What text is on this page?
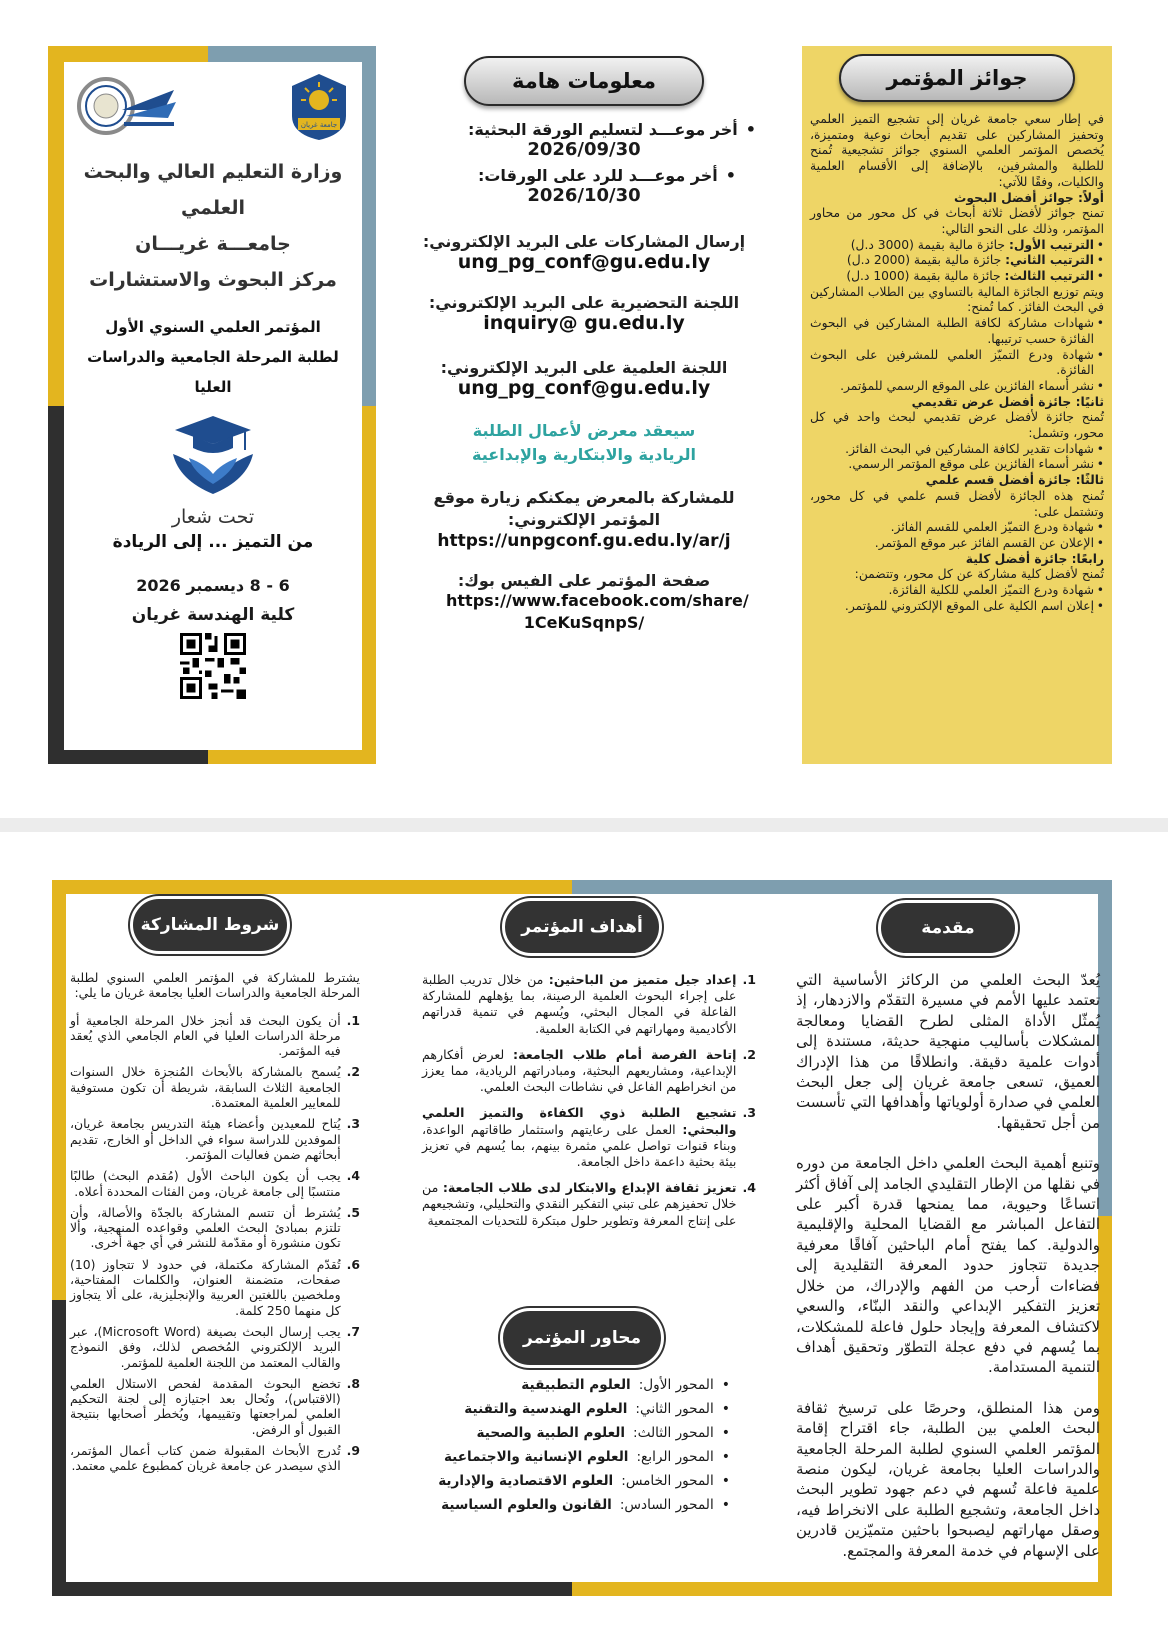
جامعة غريان
وزارة التعليم العالي والبحث العلمي
جامعـــة غريـــان
مركز البحوث والاستشارات
المؤتمر العلمي السنوي الأول
لطلبة المرحلة الجامعية والدراسات العليا
تحت شعار
من التميز ... إلى الريادة
6 - 8 ديسمبر 2026
كلية الهندسة غريان
معلومات هامة
•
أخر موعـــد لتسليم الورقة البحثية:
2026/09/30
•
أخر موعـــد للرد على الورقات:
2026/10/30
إرسال المشاركات على البريد الإلكتروني:
ung_pg_conf@gu.edu.ly
اللجنة التحضيرية على البريد الإلكتروني:
inquiry@ gu.edu.ly
اللجنة العلمية على البريد الإلكتروني:
ung_pg_conf@gu.edu.ly
سيعقد معرض لأعمال الطلبة الريادية والابتكارية والإبداعية
للمشاركة بالمعرض يمكنكم زيارة موقع المؤتمر الإلكتروني:
https://unpgconf.gu.edu.ly/ar/j
صفحة المؤتمر على الفيس بوك:
https://www.facebook.com/share/ 1CeKuSqnpS/
جوائز المؤتمر

في إطار سعي جامعة غريان إلى تشجيع التميز العلمي وتحفيز المشاركين على تقديم أبحاث نوعية ومتميزة، يُخصص المؤتمر العلمي السنوي جوائز تشجيعية تُمنح للطلبة والمشرفين، بالإضافة إلى الأقسام العلمية والكليات، وفقًا للآتي:

أولاً: جوائز أفضل البحوث

تمنح جوائز لأفضل ثلاثة أبحاث في كل محور من محاور المؤتمر، وذلك على النحو التالي:

• الترتيب الأول: جائزة مالية بقيمة (3000 د.ل)
• الترتيب الثاني: جائزة مالية بقيمة (2000 د.ل)
• الترتيب الثالث: جائزة مالية بقيمة (1000 د.ل)

ويتم توزيع الجائزة المالية بالتساوي بين الطلاب المشاركين في البحث الفائز. كما تُمنح:

• شهادات مشاركة لكافة الطلبة المشاركين في البحوث الفائزة حسب ترتيبها.
• شهادة ودرع التميّز العلمي للمشرفين على البحوث الفائزة.
• نشر أسماء الفائزين على الموقع الرسمي للمؤتمر.

ثانيًا: جائزة أفضل عرض تقديمي

تُمنح جائزة لأفضل عرض تقديمي لبحث واحد في كل محور، وتشمل:

• شهادات تقدير لكافة المشاركين في البحث الفائز.
• نشر أسماء الفائزين على موقع المؤتمر الرسمي.

ثالثًا: جائزة أفضل قسم علمي

تُمنح هذه الجائزة لأفضل قسم علمي في كل محور، وتشتمل على:

• شهادة ودرع التميّز العلمي للقسم الفائز.
• الإعلان عن القسم الفائز عبر موقع المؤتمر.

رابعًا: جائزة أفضل كلية

تُمنح لأفضل كلية مشاركة عن كل محور، وتتضمن:

• شهادة ودرع التميّز العلمي للكلية الفائزة.
• إعلان اسم الكلية على الموقع الإلكتروني للمؤتمر.
مقدمة

يُعدّ البحث العلمي من الركائز الأساسية التي تعتمد عليها الأمم في مسيرة التقدّم والازدهار، إذ يُمثّل الأداة المثلى لطرح القضايا ومعالجة المشكلات بأساليب منهجية حديثة، مستندة إلى أدوات علمية دقيقة. وانطلاقًا من هذا الإدراك العميق، تسعى جامعة غريان إلى جعل البحث العلمي في صدارة أولوياتها وأهدافها التي تأسست من أجل تحقيقها.

وتنبع أهمية البحث العلمي داخل الجامعة من دوره في نقلها من الإطار التقليدي الجامد إلى آفاق أكثر اتساعًا وحيوية، مما يمنحها قدرة أكبر على التفاعل المباشر مع القضايا المحلية والإقليمية والدولية. كما يفتح أمام الباحثين آفاقًا معرفية جديدة تتجاوز حدود المعرفة التقليدية إلى فضاءات أرحب من الفهم والإدراك، من خلال تعزيز التفكير الإبداعي والنقد البنّاء، والسعي لاكتشاف المعرفة وإيجاد حلول فاعلة للمشكلات، بما يُسهم في دفع عجلة التطوّر وتحقيق أهداف التنمية المستدامة.

ومن هذا المنطلق، وحرصًا على ترسيخ ثقافة البحث العلمي بين الطلبة، جاء اقتراح إقامة المؤتمر العلمي السنوي لطلبة المرحلة الجامعية والدراسات العليا بجامعة غريان، ليكون منصة علمية فاعلة تُسهم في دعم جهود تطوير البحث داخل الجامعة، وتشجيع الطلبة على الانخراط فيه، وصقل مهاراتهم ليصبحوا باحثين متميّزين قادرين على الإسهام في خدمة المعرفة والمجتمع.

أهداف المؤتمر
1.
إعداد جيل متميز من الباحثين: من خلال تدريب الطلبة على إجراء البحوث العلمية الرصينة، بما يؤهلهم للمشاركة الفاعلة في المجال البحثي، ويُسهم في تنمية قدراتهم الأكاديمية ومهاراتهم في الكتابة العلمية.
2.
إتاحة الفرصة أمام طلاب الجامعة: لعرض أفكارهم الإبداعية، ومشاريعهم البحثية، ومبادراتهم الريادية، مما يعزز من انخراطهم الفاعل في نشاطات البحث العلمي.
3.
تشجيع الطلبة ذوي الكفاءة والتميز العلمي والبحثي: العمل على رعايتهم واستثمار طاقاتهم الواعدة، وبناء قنوات تواصل علمي مثمرة بينهم، بما يُسهم في تعزيز بيئة بحثية داعمة داخل الجامعة.
4.
تعزيز ثقافة الإبداع والابتكار لدى طلاب الجامعة: من خلال تحفيزهم على تبني التفكير النقدي والتحليلي، وتشجيعهم على إنتاج المعرفة وتطوير حلول مبتكرة للتحديات المجتمعية
محاور المؤتمر
•
المحور الأول:
العلوم التطبيقية
•
المحور الثاني:
العلوم الهندسية والتقنية
•
المحور الثالث:
العلوم الطبية والصحية
•
المحور الرابع:
العلوم الإنسانية والاجتماعية
•
المحور الخامس:
العلوم الاقتصادية والإدارية
•
المحور السادس:
القانون والعلوم السياسية
شروط المشاركة

يشترط للمشاركة في المؤتمر العلمي السنوي لطلبة المرحلة الجامعية والدراسات العليا بجامعة غريان ما يلي:

1.
أن يكون البحث قد أنجز خلال المرحلة الجامعية أو مرحلة الدراسات العليا في العام الجامعي الذي يُعقد فيه المؤتمر.
2.
يُسمح بالمشاركة بالأبحاث المُنجزة خلال السنوات الجامعية الثلاث السابقة، شريطة أن تكون مستوفية للمعايير العلمية المعتمدة.
3.
يُتاح للمعيدين وأعضاء هيئة التدريس بجامعة غريان، الموفدين للدراسة سواء في الداخل أو الخارج، تقديم أبحاثهم ضمن فعاليات المؤتمر.
4.
يجب أن يكون الباحث الأول (مُقدم البحث) طالبًا منتسبًا إلى جامعة غريان، ومن الفئات المحددة أعلاه.
5.
يُشترط أن تتسم المشاركة بالجدّة والأصالة، وأن تلتزم بمبادئ البحث العلمي وقواعده المنهجية، وألا تكون منشورة أو مقدّمة للنشر في أي جهة أخرى.
6.
تُقدّم المشاركة مكتملة، في حدود لا تتجاوز (10) صفحات، متضمنة العنوان، والكلمات المفتاحية، وملخصين باللغتين العربية والإنجليزية، على ألا يتجاوز كل منهما 250 كلمة.
7.
يجب إرسال البحث بصيغة (Microsoft Word)، عبر البريد الإلكتروني المُخصص لذلك، وفق النموذج والقالب المعتمد من اللجنة العلمية للمؤتمر.
8.
تخضع البحوث المقدمة لفحص الاستلال العلمي (الاقتباس)، وتُحال بعد اجتيازه إلى لجنة التحكيم العلمي لمراجعتها وتقييمها، ويُخطر أصحابها بنتيجة القبول أو الرفض.
9.
تُدرج الأبحاث المقبولة ضمن كتاب أعمال المؤتمر، الذي سيصدر عن جامعة غريان كمطبوع علمي معتمد.
